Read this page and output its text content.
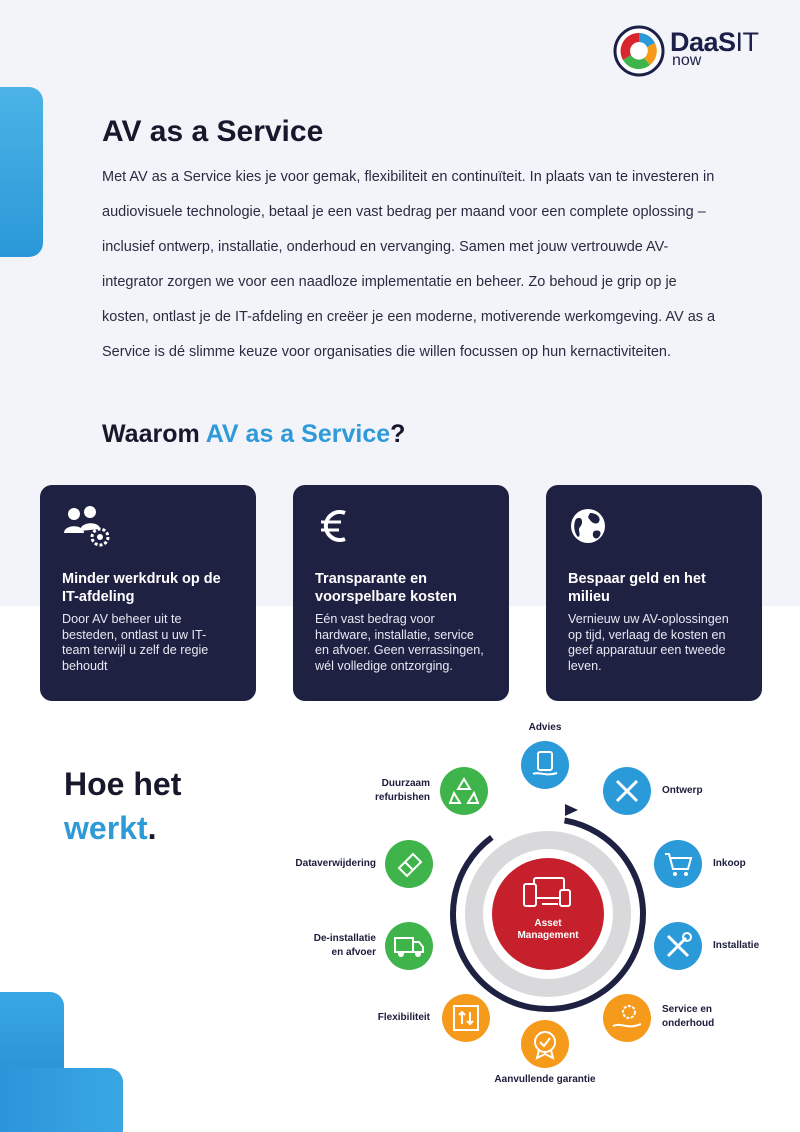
DaaSIT
now
AV as a Service

Met AV as a Service kies je voor gemak, flexibiliteit en continuïteit. In plaats van te investeren in audiovisuele technologie, betaal je een vast bedrag per maand voor een complete oplossing – inclusief ontwerp, installatie, onderhoud en vervanging. Samen met jouw vertrouwde AV-integrator zorgen we voor een naadloze implementatie en beheer. Zo behoud je grip op je kosten, ontlast je de IT-afdeling en creëer je een moderne, motiverende werkomgeving. AV as a Service is dé slimme keuze voor organisaties die willen focussen op hun kernactiviteiten.

Waarom AV as a Service?
Minder werkdruk op de IT-afdeling

Door AV beheer uit te besteden, ontlast u uw IT-team terwijl u zelf de regie behoudt

Transparante en voorspelbare kosten

Eén vast bedrag voor hardware, installatie, service en afvoer. Geen verrassingen, wél volledige ontzorging.

Bespaar geld en het milieu

Vernieuw uw AV-oplossingen op tijd, verlaag de kosten en geef apparatuur een tweede leven.

Hoe het
werkt.
Asset
Management
Advies
Ontwerp
Inkoop
Installatie
Service en
onderhoud
Aanvullende garantie
Flexibiliteit
De-installatie
en afvoer
Dataverwijdering
Duurzaam
refurbishen
